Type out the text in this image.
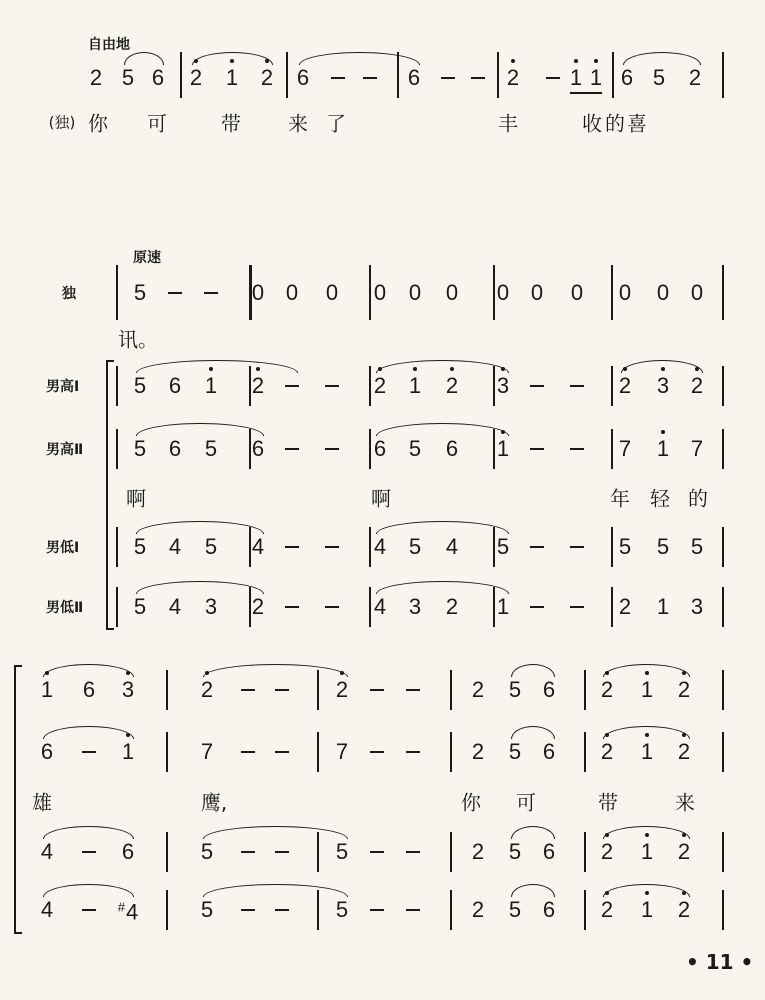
自由地
2 5 6 2 1 2 6	6	2 1 1 6 5 2
(独) 你 可	带 来 了	丰	收 的 喜
原速
独	5	0 0 0 0 0 0 0 0 0 0 0 0
讯。
男高Ⅰ 5 6 1 2	2 1 2 3	2 3 2
男高Ⅱ 5 6 5 6	6 5 6 1	7 1 7
啊	啊	年 轻 的
男低Ⅰ 5 4 5 4	4 5 4 5	5 5 5
男低Ⅱ 5 4 3 2	4 3 2 1	2 1 3
1 6 3	2	2	2 5 6 2 1 2
6	1	7	7	2 5 6 2 1 2
雄	鹰,	你 可	带	来
4	6	5	5	2 5 6 2 1 2
4	#4	5	5	2 5 6 2 1 2
• 11 •
